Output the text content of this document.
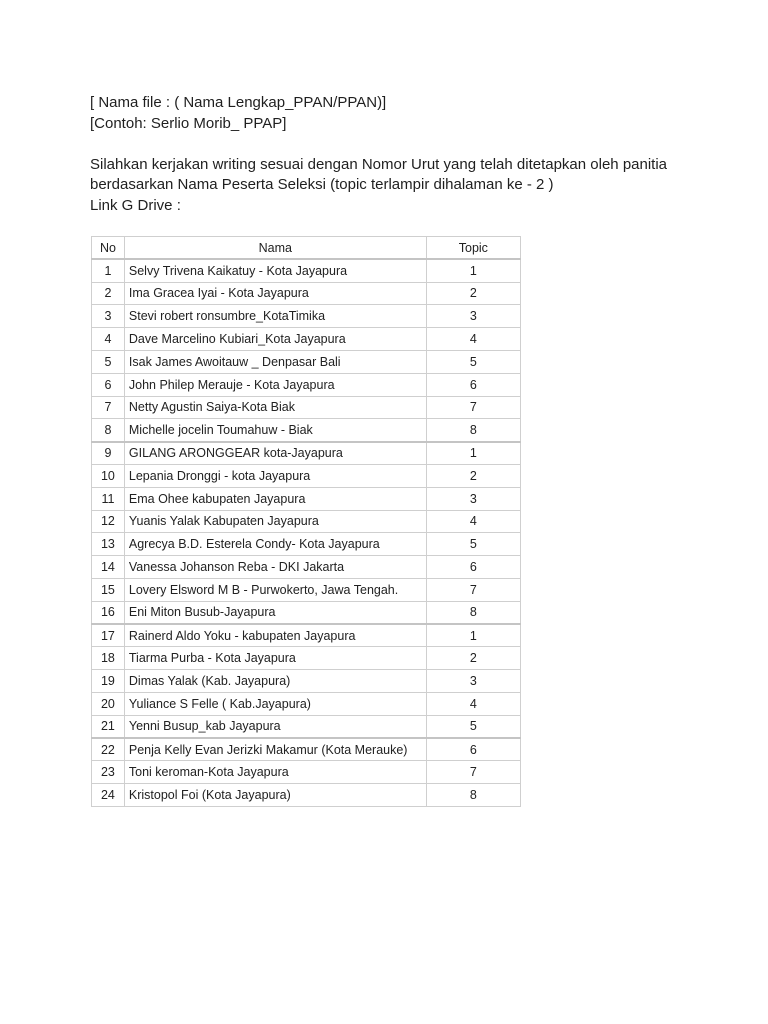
[ Nama file : ( Nama Lengkap_PPAN/PPAN)]
[Contoh: Serlio Morib_ PPAP]
Silahkan kerjakan writing sesuai dengan Nomor Urut yang telah ditetapkan oleh panitia
berdasarkan Nama Peserta Seleksi (topic terlampir dihalaman ke - 2 )
Link G Drive :
No	Nama	Topic
1	Selvy Trivena Kaikatuy - Kota Jayapura	1
2	Ima Gracea Iyai - Kota Jayapura	2
3	Stevi robert ronsumbre_KotaTimika	3
4	Dave Marcelino Kubiari_Kota Jayapura	4
5	Isak James Awoitauw _ Denpasar Bali	5
6	John Philep Merauje - Kota Jayapura	6
7	Netty Agustin Saiya-Kota Biak	7
8	Michelle jocelin Toumahuw - Biak	8
9	GILANG ARONGGEAR kota-Jayapura	1
10	Lepania Dronggi - kota Jayapura	2
11	Ema Ohee kabupaten Jayapura	3
12	Yuanis Yalak Kabupaten Jayapura	4
13	Agrecya B.D. Esterela Condy- Kota Jayapura	5
14	Vanessa Johanson Reba - DKI Jakarta	6
15	Lovery Elsword M B - Purwokerto, Jawa Tengah.	7
16	Eni Miton Busub-Jayapura	8
17	Rainerd Aldo Yoku - kabupaten Jayapura	1
18	Tiarma Purba - Kota Jayapura	2
19	Dimas Yalak (Kab. Jayapura)	3
20	Yuliance S Felle ( Kab.Jayapura)	4
21	Yenni Busup_kab Jayapura	5
22	Penja Kelly Evan Jerizki Makamur (Kota Merauke)	6
23	Toni keroman-Kota Jayapura	7
24	Kristopol Foi (Kota Jayapura)	8
